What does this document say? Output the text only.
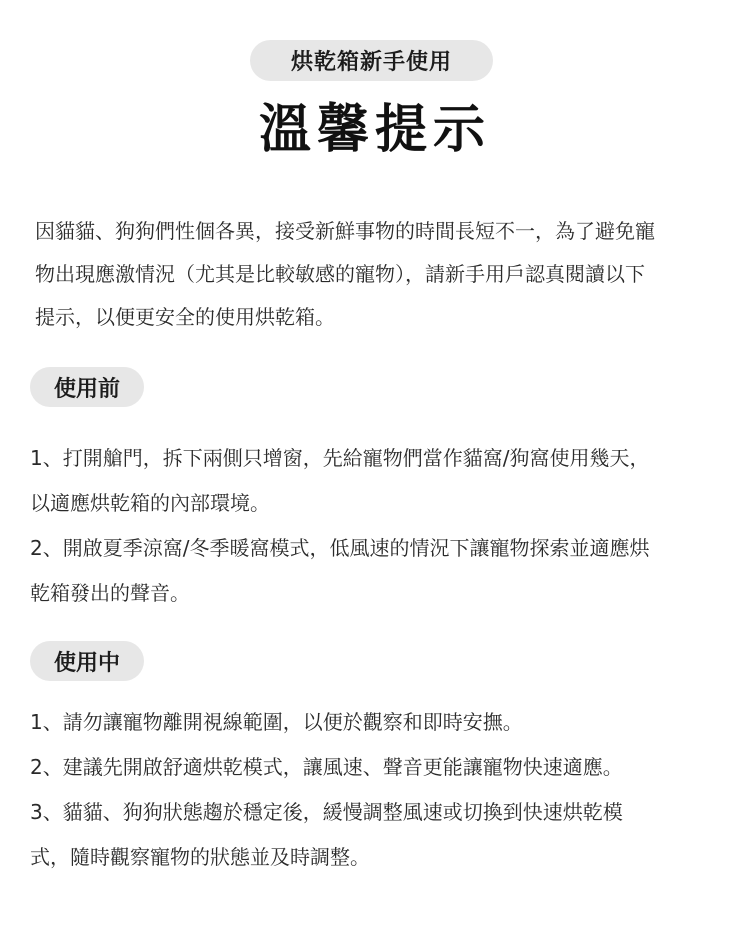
烘乾箱新手使用
溫馨提示

因貓貓、狗狗們性個各異，接受新鮮事物的時間長短不一，為了避免寵

物出現應激情況（尤其是比較敏感的寵物），請新手用戶認真閱讀以下

提示，以便更安全的使用烘乾箱。

使用前

1、打開艙門，拆下兩側只增窗，先給寵物們當作貓窩/狗窩使用幾天，

以適應烘乾箱的內部環境。

2、開啟夏季涼窩/冬季暖窩模式，低風速的情況下讓寵物探索並適應烘

乾箱發出的聲音。

使用中

1、請勿讓寵物離開視線範圍，以便於觀察和即時安撫。

2、建議先開啟舒適烘乾模式，讓風速、聲音更能讓寵物快速適應。

3、貓貓、狗狗狀態趨於穩定後，緩慢調整風速或切換到快速烘乾模

式，隨時觀察寵物的狀態並及時調整。
